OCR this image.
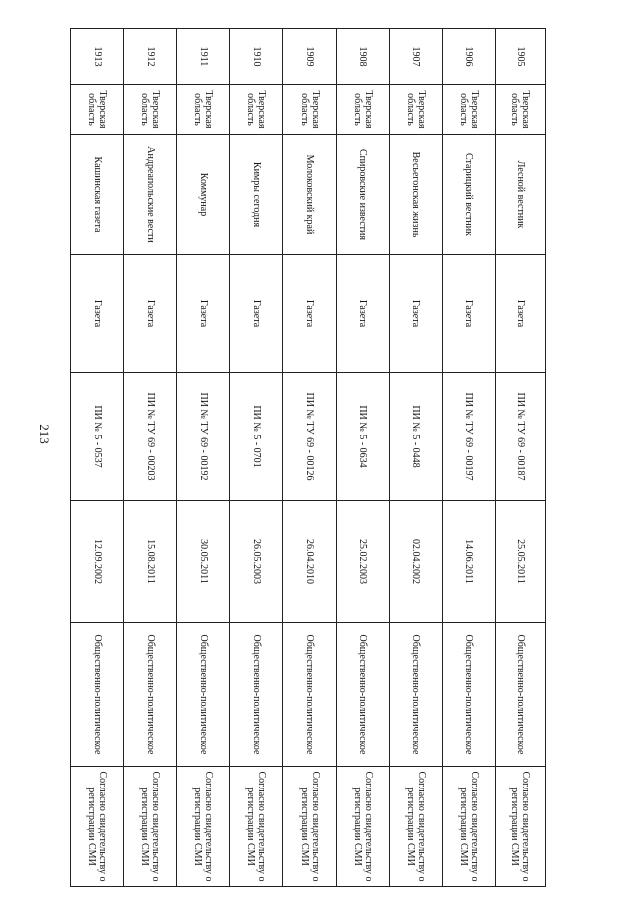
213
1905	Тверская область	Лесной вестник	Газета	ПИ № ТУ 69 - 00187	25.05.2011	Общественно-политическое	Согласно свидетельству о регистрации СМИ
1906	Тверская область	Старицкий вестник	Газета	ПИ № ТУ 69 - 00197	14.06.2011	Общественно-политическое	Согласно свидетельству о регистрации СМИ
1907	Тверская область	Весьегонская жизнь	Газета	ПИ № 5 - 0448	02.04.2002	Общественно-политическое	Согласно свидетельству о регистрации СМИ
1908	Тверская область	Спировские известия	Газета	ПИ № 5 - 0634	25.02.2003	Общественно-политическое	Согласно свидетельству о регистрации СМИ
1909	Тверская область	Молоковский край	Газета	ПИ № ТУ 69 - 00126	26.04.2010	Общественно-политическое	Согласно свидетельству о регистрации СМИ
1910	Тверская область	Кимры сегодня	Газета	ПИ № 5 - 0701	26.05.2003	Общественно-политическое	Согласно свидетельству о регистрации СМИ
1911	Тверская область	Коммунар	Газета	ПИ № ТУ 69 - 00192	30.05.2011	Общественно-политическое	Согласно свидетельству о регистрации СМИ
1912	Тверская область	Андреапольские вести	Газета	ПИ № ТУ 69 - 00203	15.08.2011	Общественно-политическое	Согласно свидетельству о регистрации СМИ
1913	Тверская область	Кашинская газета	Газета	ПИ № 5 - 0537	12.09.2002	Общественно-политическое	Согласно свидетельству о регистрации СМИ
